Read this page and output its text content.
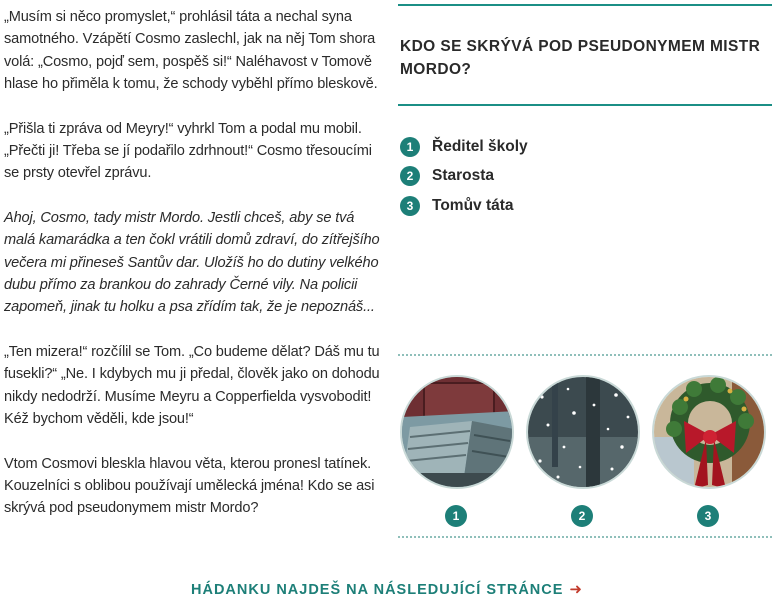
„Musím si něco promyslet,“ prohlásil táta a nechal syna samotného. Vzápětí Cosmo zaslechl, jak na něj Tom shora volá: „Cosmo, pojď sem, pospěš si!“ Naléhavost v Tomově hlase ho přiměla k tomu, že schody vyběhl přímo bleskově.

„Přišla ti zpráva od Meyry!“ vyhrkl Tom a podal mu mobil. „Přečti ji! Třeba se jí podařilo zdrhnout!“ Cosmo třesoucími se prsty otevřel zprávu.

Ahoj, Cosmo, tady mistr Mordo. Jestli chceš, aby se tvá malá kamarádka a ten čokl vrátili domů zdraví, do zítřejšího večera mi přineseš Santův dar. Uložíš ho do dutiny velkého dubu přímo za brankou do zahrady Černé vily. Na policii zapomeň, jinak tu holku a psa zřídím tak, že je nepoznáš...

„Ten mizera!“ rozčílil se Tom. „Co budeme dělat? Dáš mu tu fusekli?“ „Ne. I kdybych mu ji předal, člověk jako on dohodu nikdy nedodrží. Musíme Meyru a Copperfielda vysvobodit! Kéž bychom věděli, kde jsou!“

Vtom Cosmovi bleskla hlavou věta, kterou pronesl tatínek. Kouzelníci s oblibou používají umělecká jména! Kdo se asi skrývá pod pseudonymem mistr Mordo?

KDO SE SKRÝVÁ POD PSEUDONYMEM MISTR MORDO?
1	Ředitel školy
2	Starosta
3	Tomův táta
1	2	3
HÁDANKU NAJDEŠ NA NÁSLEDUJÍCÍ STRÁNCE ➜
